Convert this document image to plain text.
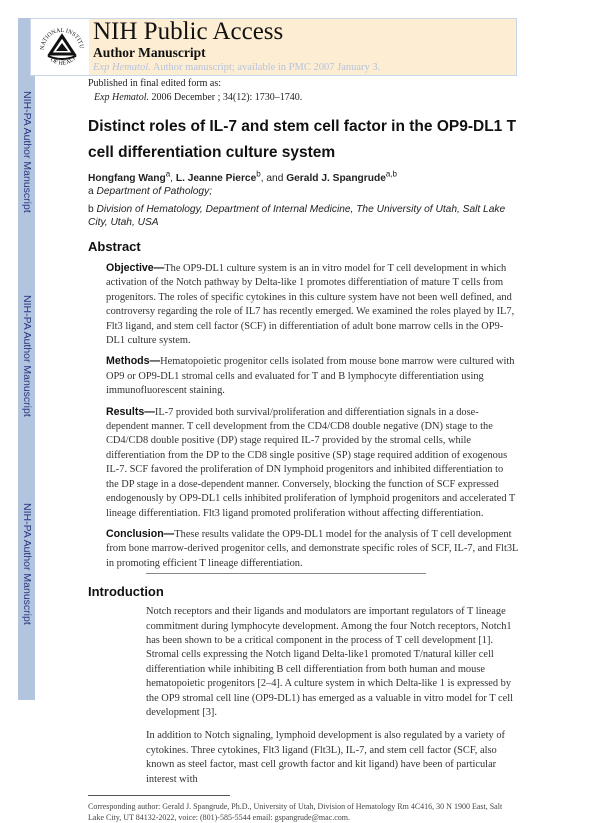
NIH-PA Author Manuscript
NIH-PA Author Manuscript
NIH-PA Author Manuscript
NATIONAL INSTITU
OF HEALT
NIH Public Access
Author Manuscript
Exp Hematol. Author manuscript; available in PMC 2007 January 3.
Published in final edited form as:
Exp Hematol. 2006 December ; 34(12): 1730–1740.
Distinct roles of IL-7 and stem cell factor in the OP9-DL1 T cell differentiation culture system
Hongfang Wang$^a$, L. Jeanne Pierce$^b$, and Gerald J. Spangrude$^{a,b}$
a Department of Pathology;
b Division of Hematology, Department of Internal Medicine, The University of Utah, Salt Lake City, Utah, USA
Abstract
Objective—The OP9-DL1 culture system is an in vitro model for T cell development in which activation of the Notch pathway by Delta-like 1 promotes differentiation of mature T cells from progenitors. The roles of specific cytokines in this culture system have not been well defined, and controversy regarding the role of IL7 has recently emerged. We examined the roles played by IL7, Flt3 ligand, and stem cell factor (SCF) in differentiation of adult bone marrow cells in the OP9-DL1 culture system.
Methods—Hematopoietic progenitor cells isolated from mouse bone marrow were cultured with OP9 or OP9-DL1 stromal cells and evaluated for T and B lymphocyte differentiation using immunofluorescent staining.
Results—IL-7 provided both survival/proliferation and differentiation signals in a dose-dependent manner. T cell development from the CD4/CD8 double negative (DN) stage to the CD4/CD8 double positive (DP) stage required IL-7 provided by the stromal cells, while differentiation from the DP to the CD8 single positive (SP) stage required addition of exogenous IL-7. SCF favored the proliferation of DN lymphoid progenitors and inhibited differentiation to the DP stage in a dose-dependent manner. Conversely, blocking the function of SCF expressed endogenously by OP9-DL1 cells inhibited proliferation of lymphoid progenitors and accelerated T lineage differentiation. Flt3 ligand promoted proliferation without affecting differentiation.
Conclusion—These results validate the OP9-DL1 model for the analysis of T cell development from bone marrow-derived progenitor cells, and demonstrate specific roles of SCF, IL-7, and Flt3L in promoting efficient T lineage differentiation.
Introduction
Notch receptors and their ligands and modulators are important regulators of T lineage commitment during lymphocyte development. Among the four Notch receptors, Notch1 has been shown to be a critical component in the process of T cell development [1]. Stromal cells expressing the Notch ligand Delta-like1 promoted T/natural killer cell differentiation while inhibiting B cell differentiation from both human and mouse hematopoietic progenitors [2–4]. A culture system in which Delta-like 1 is expressed by the OP9 stromal cell line (OP9-DL1) has emerged as a valuable in vitro model for T cell development [3].
In addition to Notch signaling, lymphoid development is also regulated by a variety of cytokines. Three cytokines, Flt3 ligand (Flt3L), IL-7, and stem cell factor (SCF, also known as steel factor, mast cell growth factor and kit ligand) have been of particular interest with
Corresponding author: Gerald J. Spangrude, Ph.D., University of Utah, Division of Hematology Rm 4C416, 30 N 1900 East, Salt Lake City, UT 84132-2022, voice: (801)-585-5544 email: gspangrude@mac.com.
